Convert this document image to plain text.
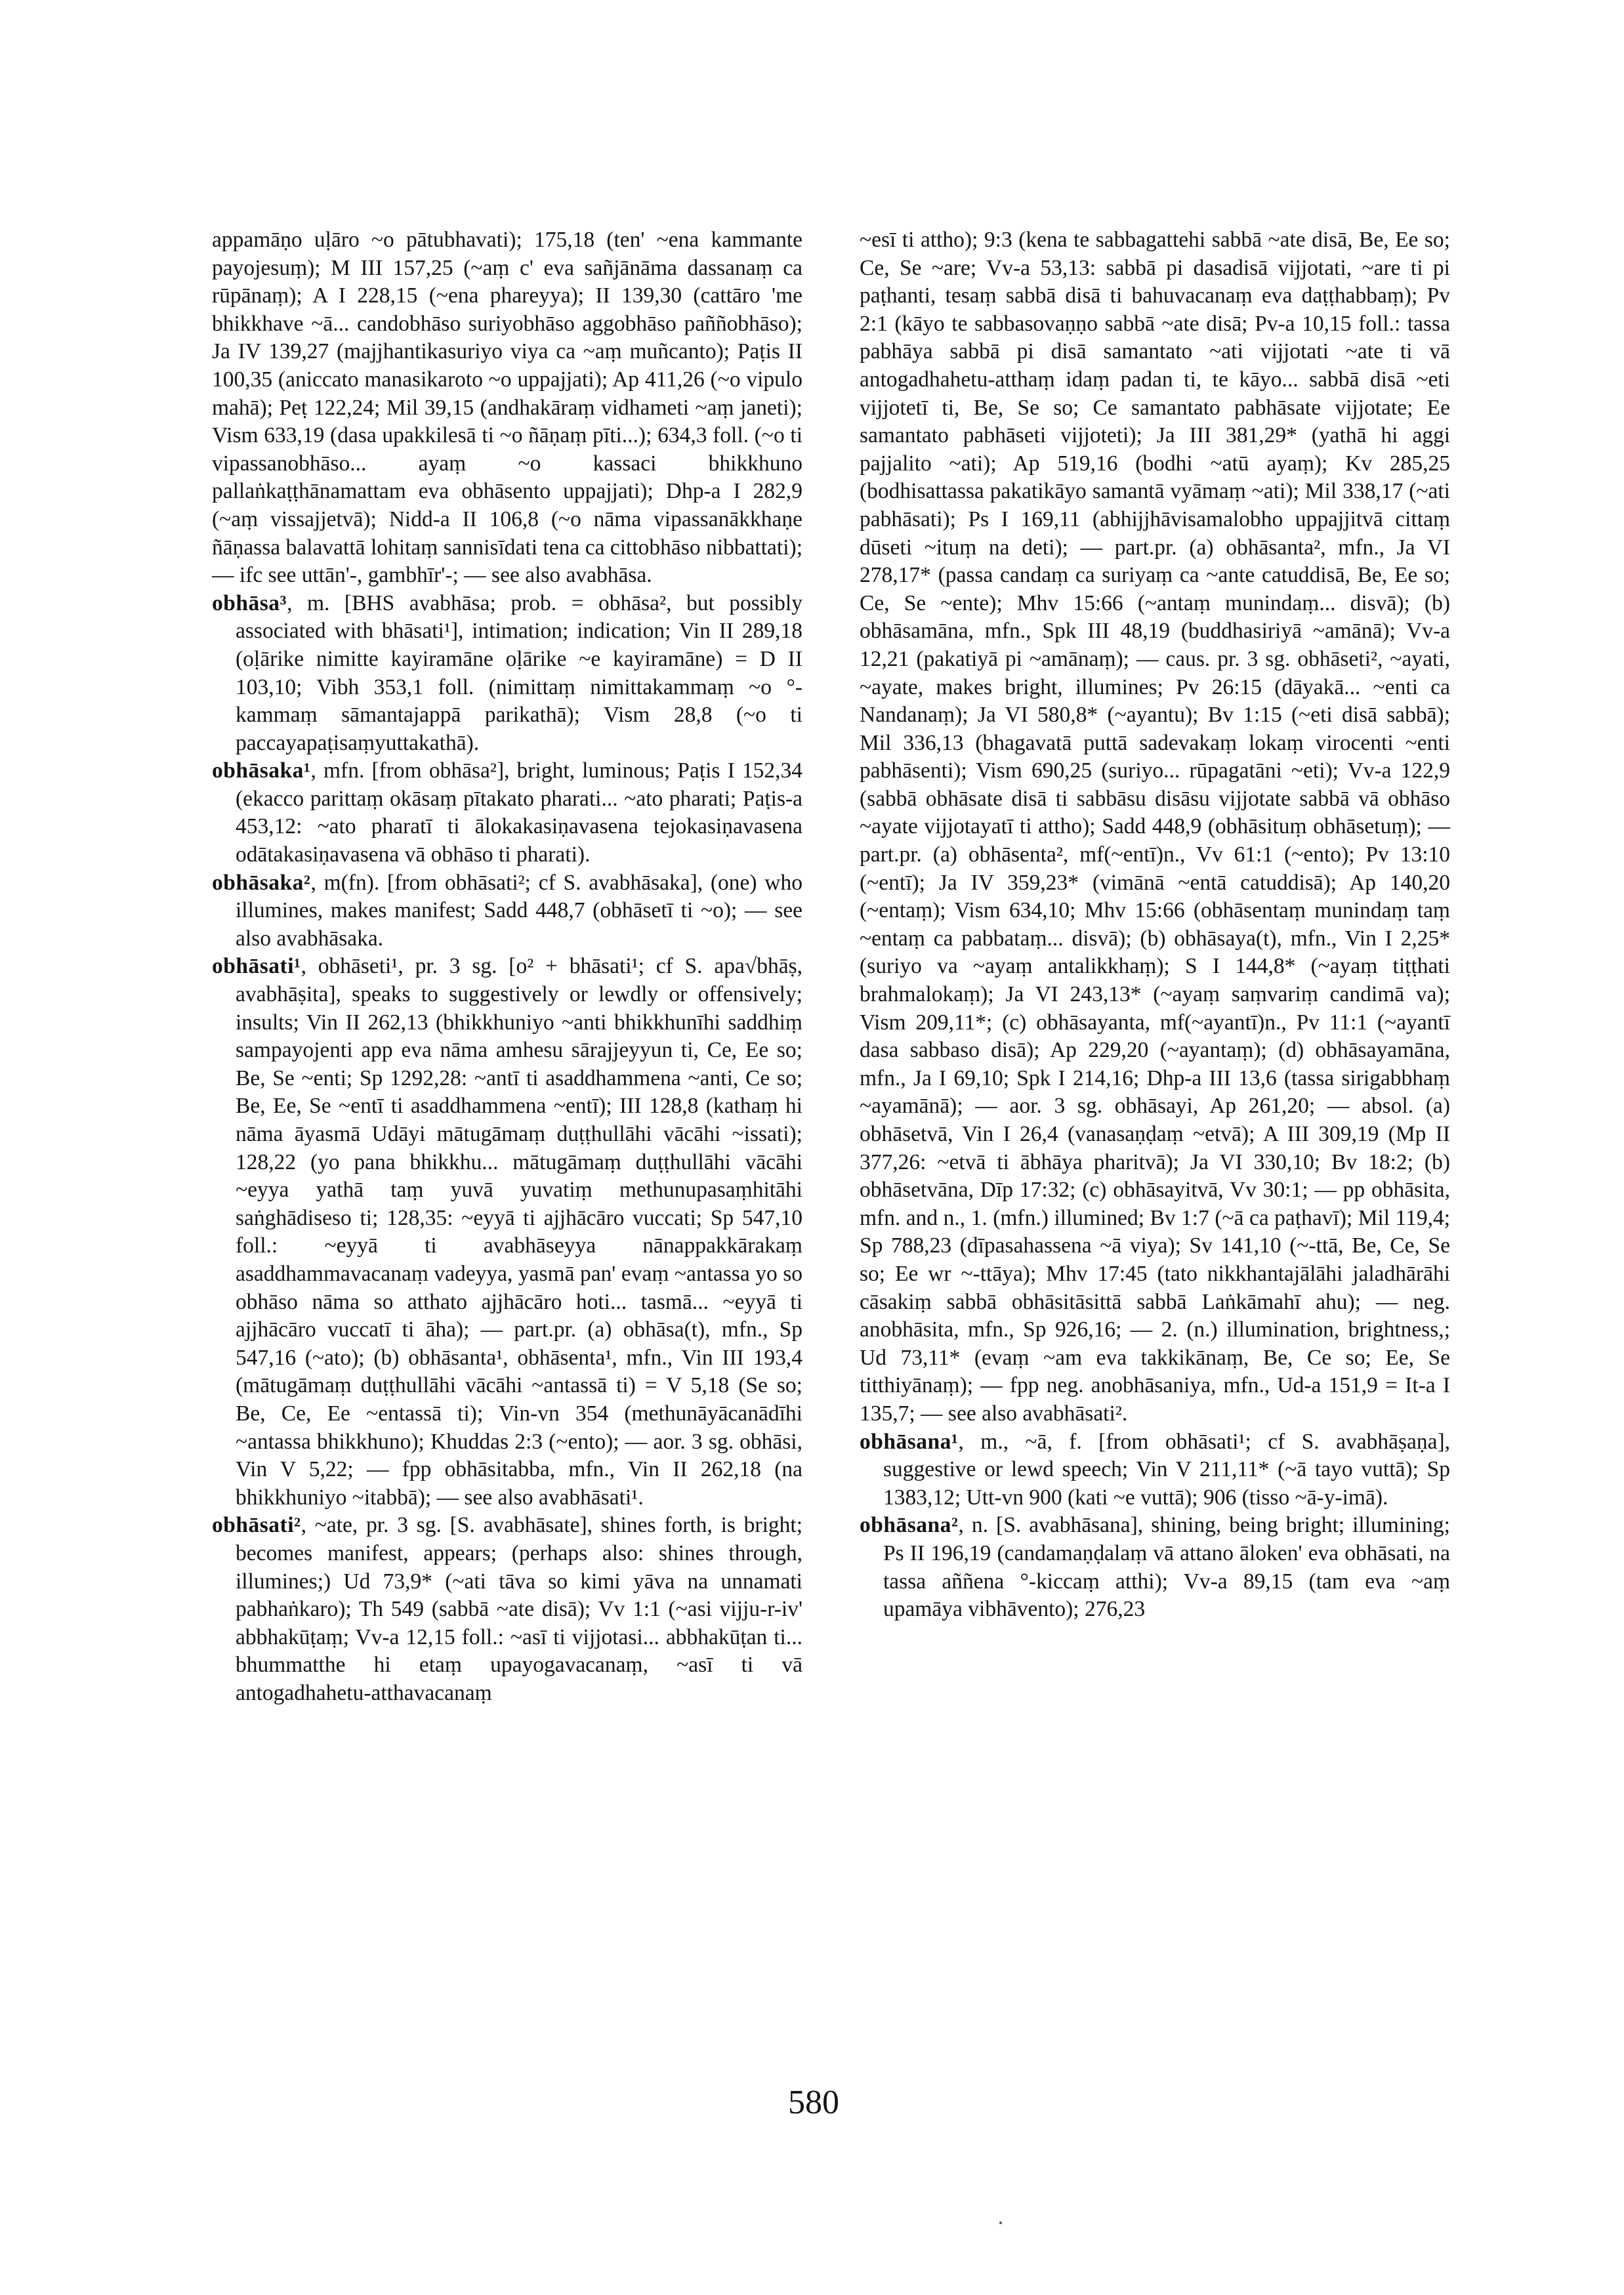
appamāṇo uḷāro ~o pātubhavati); 175,18 (ten' ~ena kammante payojesuṃ); M III 157,25 (~aṃ c' eva sañjānāma dassanaṃ ca rūpānaṃ); A I 228,15 (~ena phareyya); II 139,30 (cattāro 'me bhikkhave ~ā... candobhāso suriyobhāso aggobhāso paññobhāso); Ja IV 139,27 (majjhantikasuriyo viya ca ~aṃ muñcanto); Paṭis II 100,35 (aniccato manasikaroto ~o uppajjati); Ap 411,26 (~o vipulo mahā); Peṭ 122,24; Mil 39,15 (andhakāraṃ vidhameti ~aṃ janeti); Vism 633,19 (dasa upakkilesā ti ~o ñāṇaṃ pīti...); 634,3 foll. (~o ti vipassanobhāso... ayaṃ ~o kassaci bhikkhuno pallaṅkaṭṭhānamattam eva obhāsento uppajjati); Dhp-a I 282,9 (~aṃ vissajjetvā); Nidd-a II 106,8 (~o nāma vipassanākkhaṇe ñāṇassa balavattā lohitaṃ sannisīdati tena ca cittobhāso nibbattati); — ifc see uttān'-, gambhīr'-; — see also avabhāsa.

obhāsa³, m. [BHS avabhāsa; prob. = obhāsa², but possibly associated with bhāsati¹], intimation; indication; Vin II 289,18 (oḷārike nimitte kayiramāne oḷārike ~e kayiramāne) = D II 103,10; Vibh 353,1 foll. (nimittaṃ nimittakammaṃ ~o °-kammaṃ sāmantajappā parikathā); Vism 28,8 (~o ti paccayapaṭisaṃyuttakathā).

obhāsaka¹, mfn. [from obhāsa²], bright, luminous; Paṭis I 152,34 (ekacco parittaṃ okāsaṃ pītakato pharati... ~ato pharati; Paṭis-a 453,12: ~ato pharatī ti ālokakasiṇavasena tejokasiṇavasena odātakasiṇavasena vā obhāso ti pharati).

obhāsaka², m(fn). [from obhāsati²; cf S. avabhāsaka], (one) who illumines, makes manifest; Sadd 448,7 (obhāsetī ti ~o); — see also avabhāsaka.

obhāsati¹, obhāseti¹, pr. 3 sg. [o² + bhāsati¹; cf S. apa√bhāṣ, avabhāṣita], speaks to suggestively or lewdly or offensively; insults; Vin II 262,13 (bhikkhuniyo ~anti bhikkhunīhi saddhiṃ sampayojenti app eva nāma amhesu sārajjeyyun ti, Ce, Ee so; Be, Se ~enti; Sp 1292,28: ~antī ti asaddhammena ~anti, Ce so; Be, Ee, Se ~entī ti asaddhammena ~entī); III 128,8 (kathaṃ hi nāma āyasmā Udāyi mātugāmaṃ duṭṭhullāhi vācāhi ~issati); 128,22 (yo pana bhikkhu... mātugāmaṃ duṭṭhullāhi vācāhi ~eyya yathā taṃ yuvā yuvatiṃ methunupasaṃhitāhi saṅghādiseso ti; 128,35: ~eyyā ti ajjhācāro vuccati; Sp 547,10 foll.: ~eyyā ti avabhāseyya nānappakkārakaṃ asaddhammavacanaṃ vadeyya, yasmā pan' evaṃ ~antassa yo so obhāso nāma so atthato ajjhācāro hoti... tasmā... ~eyyā ti ajjhācāro vuccatī ti āha); — part.pr. (a) obhāsa(t), mfn., Sp 547,16 (~ato); (b) obhāsanta¹, obhāsenta¹, mfn., Vin III 193,4 (mātugāmaṃ duṭṭhullāhi vācāhi ~antassā ti) = V 5,18 (Se so; Be, Ce, Ee ~entassā ti); Vin-vn 354 (methunāyācanādīhi ~antassa bhikkhuno); Khuddas 2:3 (~ento); — aor. 3 sg. obhāsi, Vin V 5,22; — fpp obhāsitabba, mfn., Vin II 262,18 (na bhikkhuniyo ~itabbā); — see also avabhāsati¹.

obhāsati², ~ate, pr. 3 sg. [S. avabhāsate], shines forth, is bright; becomes manifest, appears; (perhaps also: shines through, illumines;) Ud 73,9* (~ati tāva so kimi yāva na unnamati pabhaṅkaro); Th 549 (sabbā ~ate disā); Vv 1:1 (~asi vijju-r-iv' abbhakūṭaṃ; Vv-a 12,15 foll.: ~asī ti vijjotasi... abbhakūṭan ti... bhummatthe hi etaṃ upayogavacanaṃ, ~asī ti vā antogadhahetu-atthavacanaṃ

~esī ti attho); 9:3 (kena te sabbagattehi sabbā ~ate disā, Be, Ee so; Ce, Se ~are; Vv-a 53,13: sabbā pi dasadisā vijjotati, ~are ti pi paṭhanti, tesaṃ sabbā disā ti bahuvacanaṃ eva daṭṭhabbaṃ); Pv 2:1 (kāyo te sabbasovaṇṇo sabbā ~ate disā; Pv-a 10,15 foll.: tassa pabhāya sabbā pi disā samantato ~ati vijjotati ~ate ti vā antogadhahetu-atthaṃ idaṃ padan ti, te kāyo... sabbā disā ~eti vijjotetī ti, Be, Se so; Ce samantato pabhāsate vijjotate; Ee samantato pabhāseti vijjoteti); Ja III 381,29* (yathā hi aggi pajjalito ~ati); Ap 519,16 (bodhi ~atū ayaṃ); Kv 285,25 (bodhisattassa pakatikāyo samantā vyāmaṃ ~ati); Mil 338,17 (~ati pabhāsati); Ps I 169,11 (abhijjhāvisamalobho uppajjitvā cittaṃ dūseti ~ituṃ na deti); — part.pr. (a) obhāsanta², mfn., Ja VI 278,17* (passa candaṃ ca suriyaṃ ca ~ante catuddisā, Be, Ee so; Ce, Se ~ente); Mhv 15:66 (~antaṃ munindaṃ... disvā); (b) obhāsamāna, mfn., Spk III 48,19 (buddhasiriyā ~amānā); Vv-a 12,21 (pakatiyā pi ~amānaṃ); — caus. pr. 3 sg. obhāseti², ~ayati, ~ayate, makes bright, illumines; Pv 26:15 (dāyakā... ~enti ca Nandanaṃ); Ja VI 580,8* (~ayantu); Bv 1:15 (~eti disā sabbā); Mil 336,13 (bhagavatā puttā sadevakaṃ lokaṃ virocenti ~enti pabhāsenti); Vism 690,25 (suriyo... rūpagatāni ~eti); Vv-a 122,9 (sabbā obhāsate disā ti sabbāsu disāsu vijjotate sabbā vā obhāso ~ayate vijjotayatī ti attho); Sadd 448,9 (obhāsituṃ obhāsetuṃ); — part.pr. (a) obhāsenta², mf(~entī)n., Vv 61:1 (~ento); Pv 13:10 (~entī); Ja IV 359,23* (vimānā ~entā catuddisā); Ap 140,20 (~entaṃ); Vism 634,10; Mhv 15:66 (obhāsentaṃ munindaṃ taṃ ~entaṃ ca pabbataṃ... disvā); (b) obhāsaya(t), mfn., Vin I 2,25* (suriyo va ~ayaṃ antalikkhaṃ); S I 144,8* (~ayaṃ tiṭṭhati brahmalokaṃ); Ja VI 243,13* (~ayaṃ saṃvariṃ candimā va); Vism 209,11*; (c) obhāsayanta, mf(~ayantī)n., Pv 11:1 (~ayantī dasa sabbaso disā); Ap 229,20 (~ayantaṃ); (d) obhāsayamāna, mfn., Ja I 69,10; Spk I 214,16; Dhp-a III 13,6 (tassa sirigabbhaṃ ~ayamānā); — aor. 3 sg. obhāsayi, Ap 261,20; — absol. (a) obhāsetvā, Vin I 26,4 (vanasaṇḍaṃ ~etvā); A III 309,19 (Mp II 377,26: ~etvā ti ābhāya pharitvā); Ja VI 330,10; Bv 18:2; (b) obhāsetvāna, Dīp 17:32; (c) obhāsayitvā, Vv 30:1; — pp obhāsita, mfn. and n., 1. (mfn.) illumined; Bv 1:7 (~ā ca paṭhavī); Mil 119,4; Sp 788,23 (dīpasahassena ~ā viya); Sv 141,10 (~-ttā, Be, Ce, Se so; Ee wr ~-ttāya); Mhv 17:45 (tato nikkhantajālāhi jaladhārāhi cāsakiṃ sabbā obhāsitāsittā sabbā Laṅkāmahī ahu); — neg. anobhāsita, mfn., Sp 926,16; — 2. (n.) illumination, brightness,; Ud 73,11* (evaṃ ~am eva takkikānaṃ, Be, Ce so; Ee, Se titthiyānaṃ); — fpp neg. anobhāsaniya, mfn., Ud-a 151,9 = It-a I 135,7; — see also avabhāsati².

obhāsana¹, m., ~ā, f. [from obhāsati¹; cf S. avabhāṣaṇa], suggestive or lewd speech; Vin V 211,11* (~ā tayo vuttā); Sp 1383,12; Utt-vn 900 (kati ~e vuttā); 906 (tisso ~ā-y-imā).

obhāsana², n. [S. avabhāsana], shining, being bright; illumining; Ps II 196,19 (candamaṇḍalaṃ vā attano āloken' eva obhāsati, na tassa aññena °-kiccaṃ atthi); Vv-a 89,15 (tam eva ~aṃ upamāya vibhāvento); 276,23

580
